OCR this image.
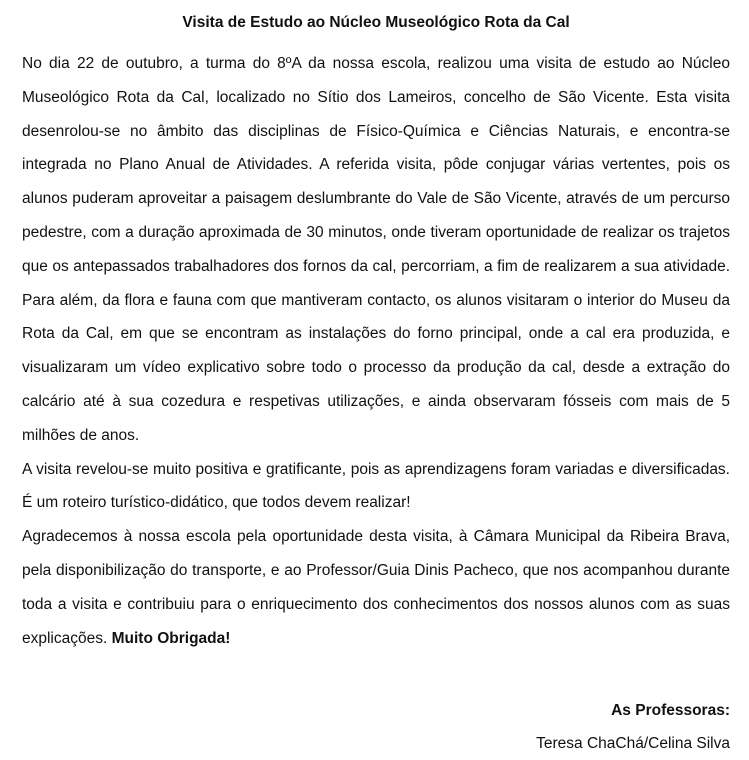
Visita de Estudo ao Núcleo Museológico Rota da Cal

No dia 22 de outubro, a turma do 8ºA da nossa escola, realizou uma visita de estudo ao Núcleo Museológico Rota da Cal, localizado no Sítio dos Lameiros, concelho de São Vicente. Esta visita desenrolou-se no âmbito das disciplinas de Físico-Química e Ciências Naturais, e encontra-se integrada no Plano Anual de Atividades. A referida visita, pôde conjugar várias vertentes, pois os alunos puderam aproveitar a paisagem deslumbrante do Vale de São Vicente, através de um percurso pedestre, com a duração aproximada de 30 minutos, onde tiveram oportunidade de realizar os trajetos que os antepassados trabalhadores dos fornos da cal, percorriam, a fim de realizarem a sua atividade. Para além, da flora e fauna com que mantiveram contacto, os alunos visitaram o interior do Museu da Rota da Cal, em que se encontram as instalações do forno principal, onde a cal era produzida, e visualizaram um vídeo explicativo sobre todo o processo da produção da cal, desde a extração do calcário até à sua cozedura e respetivas utilizações, e ainda observaram fósseis com mais de 5 milhões de anos.

A visita revelou-se muito positiva e gratificante, pois as aprendizagens foram variadas e diversificadas. É um roteiro turístico-didático, que todos devem realizar!

Agradecemos à nossa escola pela oportunidade desta visita, à Câmara Municipal da Ribeira Brava, pela disponibilização do transporte, e ao Professor/Guia Dinis Pacheco, que nos acompanhou durante toda a visita e contribuiu para o enriquecimento dos conhecimentos dos nossos alunos com as suas explicações. Muito Obrigada!

As Professoras:
Teresa ChaChá/Celina Silva
